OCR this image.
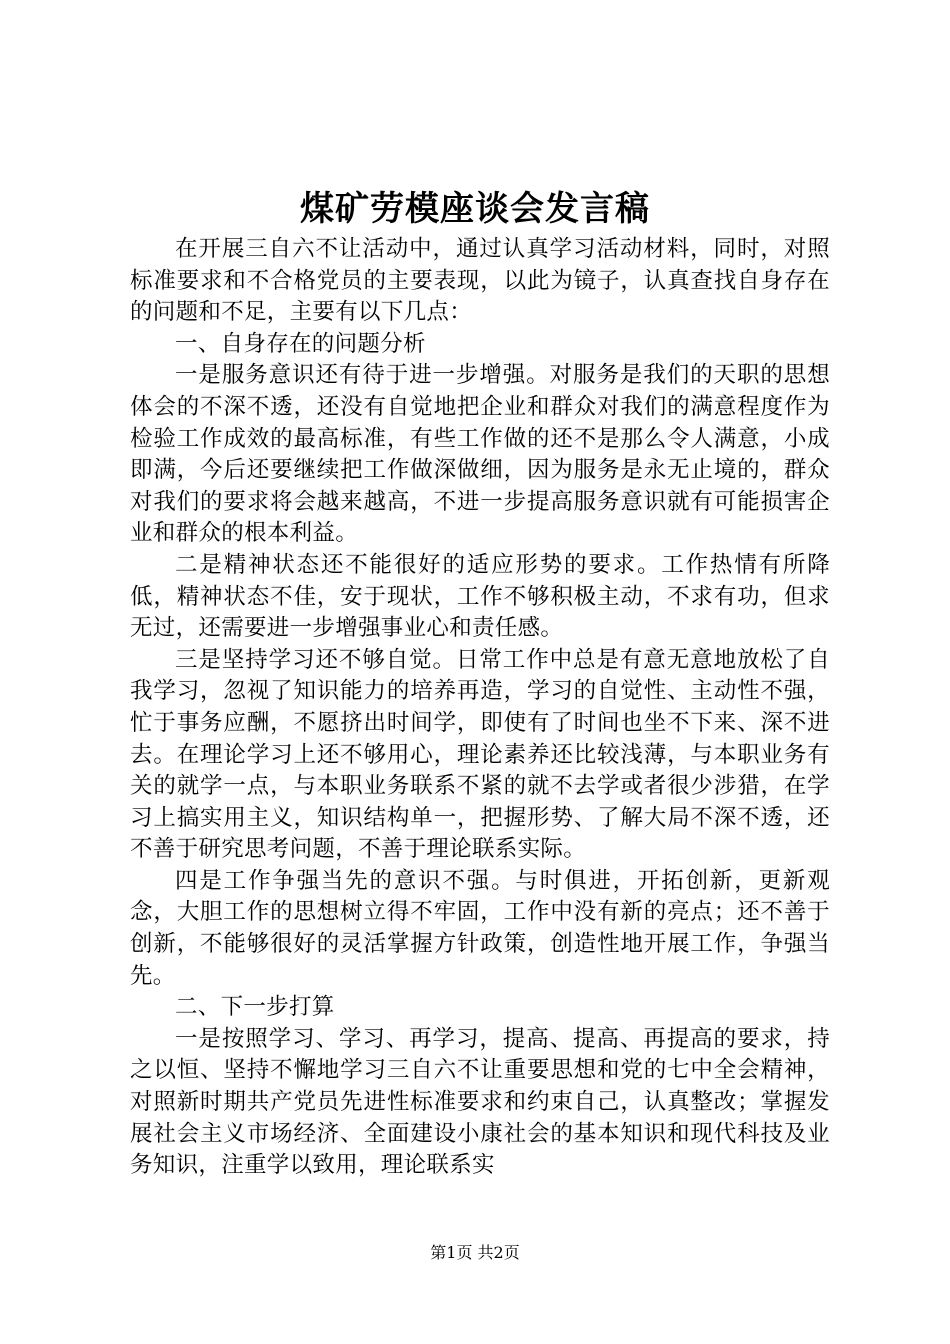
煤矿劳模座谈会发言稿

在开展三自六不让活动中，通过认真学习活动材料，同时，对照标准要求和不合格党员的主要表现，以此为镜子，认真查找自身存在的问题和不足，主要有以下几点：

一、自身存在的问题分析

一是服务意识还有待于进一步增强。对服务是我们的天职的思想体会的不深不透，还没有自觉地把企业和群众对我们的满意程度作为检验工作成效的最高标准，有些工作做的还不是那么令人满意，小成即满，今后还要继续把工作做深做细，因为服务是永无止境的，群众对我们的要求将会越来越高，不进一步提高服务意识就有可能损害企业和群众的根本利益。

二是精神状态还不能很好的适应形势的要求。工作热情有所降低，精神状态不佳，安于现状，工作不够积极主动，不求有功，但求无过，还需要进一步增强事业心和责任感。

三是坚持学习还不够自觉。日常工作中总是有意无意地放松了自我学习，忽视了知识能力的培养再造，学习的自觉性、主动性不强，忙于事务应酬，不愿挤出时间学，即使有了时间也坐不下来、深不进去。在理论学习上还不够用心，理论素养还比较浅薄，与本职业务有关的就学一点，与本职业务联系不紧的就不去学或者很少涉猎，在学习上搞实用主义，知识结构单一，把握形势、了解大局不深不透，还不善于研究思考问题，不善于理论联系实际。

四是工作争强当先的意识不强。与时俱进，开拓创新，更新观念，大胆工作的思想树立得不牢固，工作中没有新的亮点；还不善于创新，不能够很好的灵活掌握方针政策，创造性地开展工作，争强当先。

二、下一步打算

一是按照学习、学习、再学习，提高、提高、再提高的要求，持之以恒、坚持不懈地学习三自六不让重要思想和党的七中全会精神，对照新时期共产党员先进性标准要求和约束自己，认真整改；掌握发展社会主义市场经济、全面建设小康社会的基本知识和现代科技及业务知识，注重学以致用，理论联系实

第1页 共2页
